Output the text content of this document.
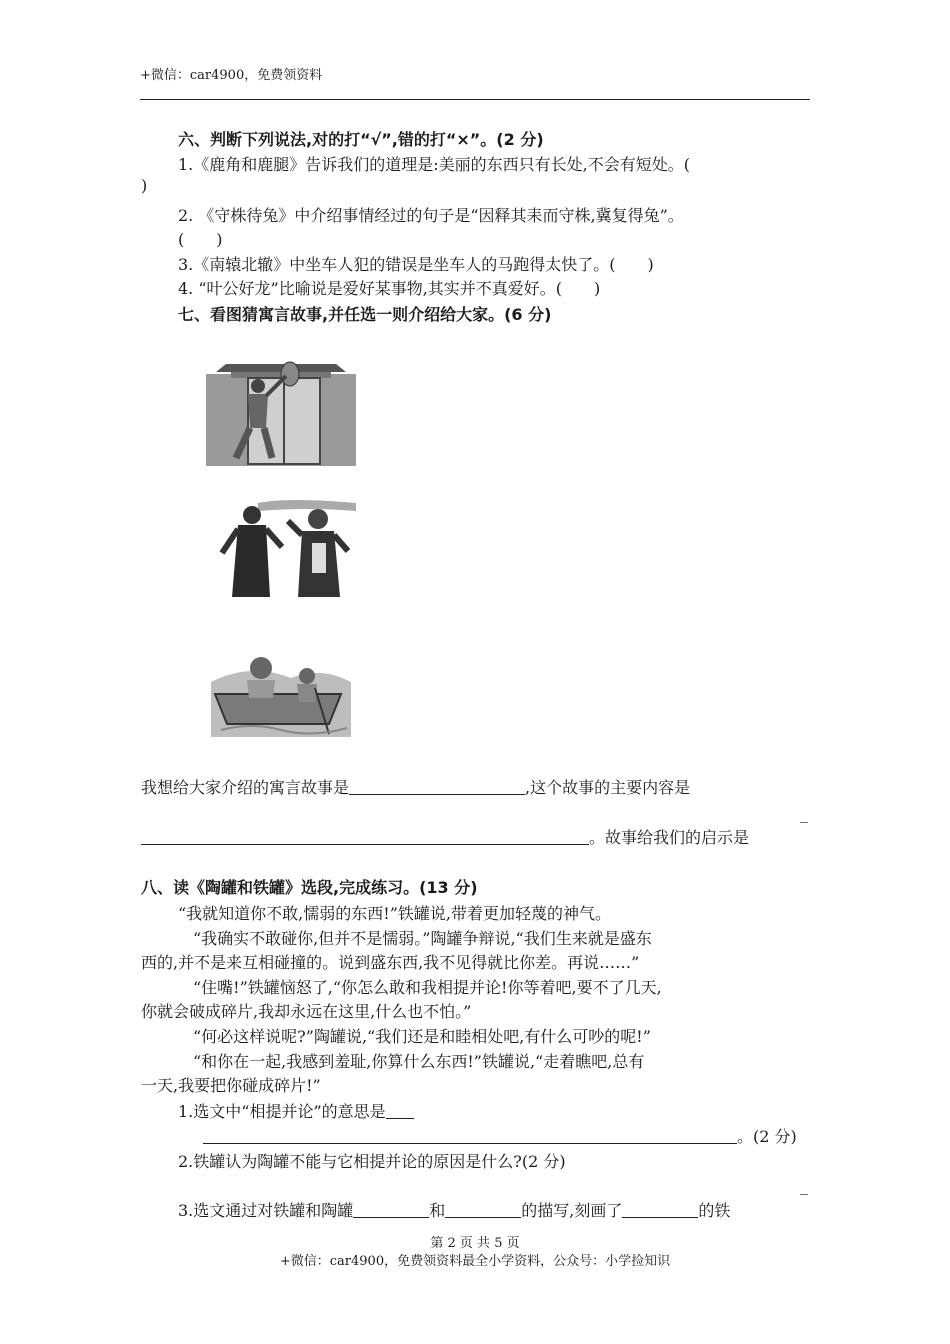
+微信：car4900，免费领资料
六、判断下列说法,对的打“√”,错的打“×”。(2 分)
1.《鹿角和鹿腿》告诉我们的道理是:美丽的东西只有长处,不会有短处。(
)
2. 《守株待兔》中介绍事情经过的句子是“因释其耒而守株,冀复得兔”。
(　　)
3.《南辕北辙》中坐车人犯的错误是坐车人的马跑得太快了。(　　)
4. “叶公好龙”比喻说是爱好某事物,其实并不真爱好。(　　)
七、看图猜寓言故事,并任选一则介绍给大家。(6 分)
我想给大家介绍的寓言故事是	,这个故事的主要内容是
_
。故事给我们的启示是
八、读《陶罐和铁罐》选段,完成练习。(13 分)
“我就知道你不敢,懦弱的东西!”铁罐说,带着更加轻蔑的神气。
“我确实不敢碰你,但并不是懦弱。”陶罐争辩说,“我们生来就是盛东
西的,并不是来互相碰撞的。说到盛东西,我不见得就比你差。再说……”
“住嘴!”铁罐恼怒了,“你怎么敢和我相提并论!你等着吧,要不了几天,
你就会破成碎片,我却永远在这里,什么也不怕。”
“何必这样说呢?”陶罐说,“我们还是和睦相处吧,有什么可吵的呢!”
“和你在一起,我感到羞耻,你算什么东西!”铁罐说,“走着瞧吧,总有
一天,我要把你碰成碎片!”
1.选文中“相提并论”的意思是
。(2 分)
2.铁罐认为陶罐不能与它相提并论的原因是什么?(2 分)
_
3.选文通过对铁罐和陶罐	和	的描写,刻画了	的铁
第 2 页 共 5 页
+微信：car4900，免费领资料最全小学资料，公众号：小学捡知识
